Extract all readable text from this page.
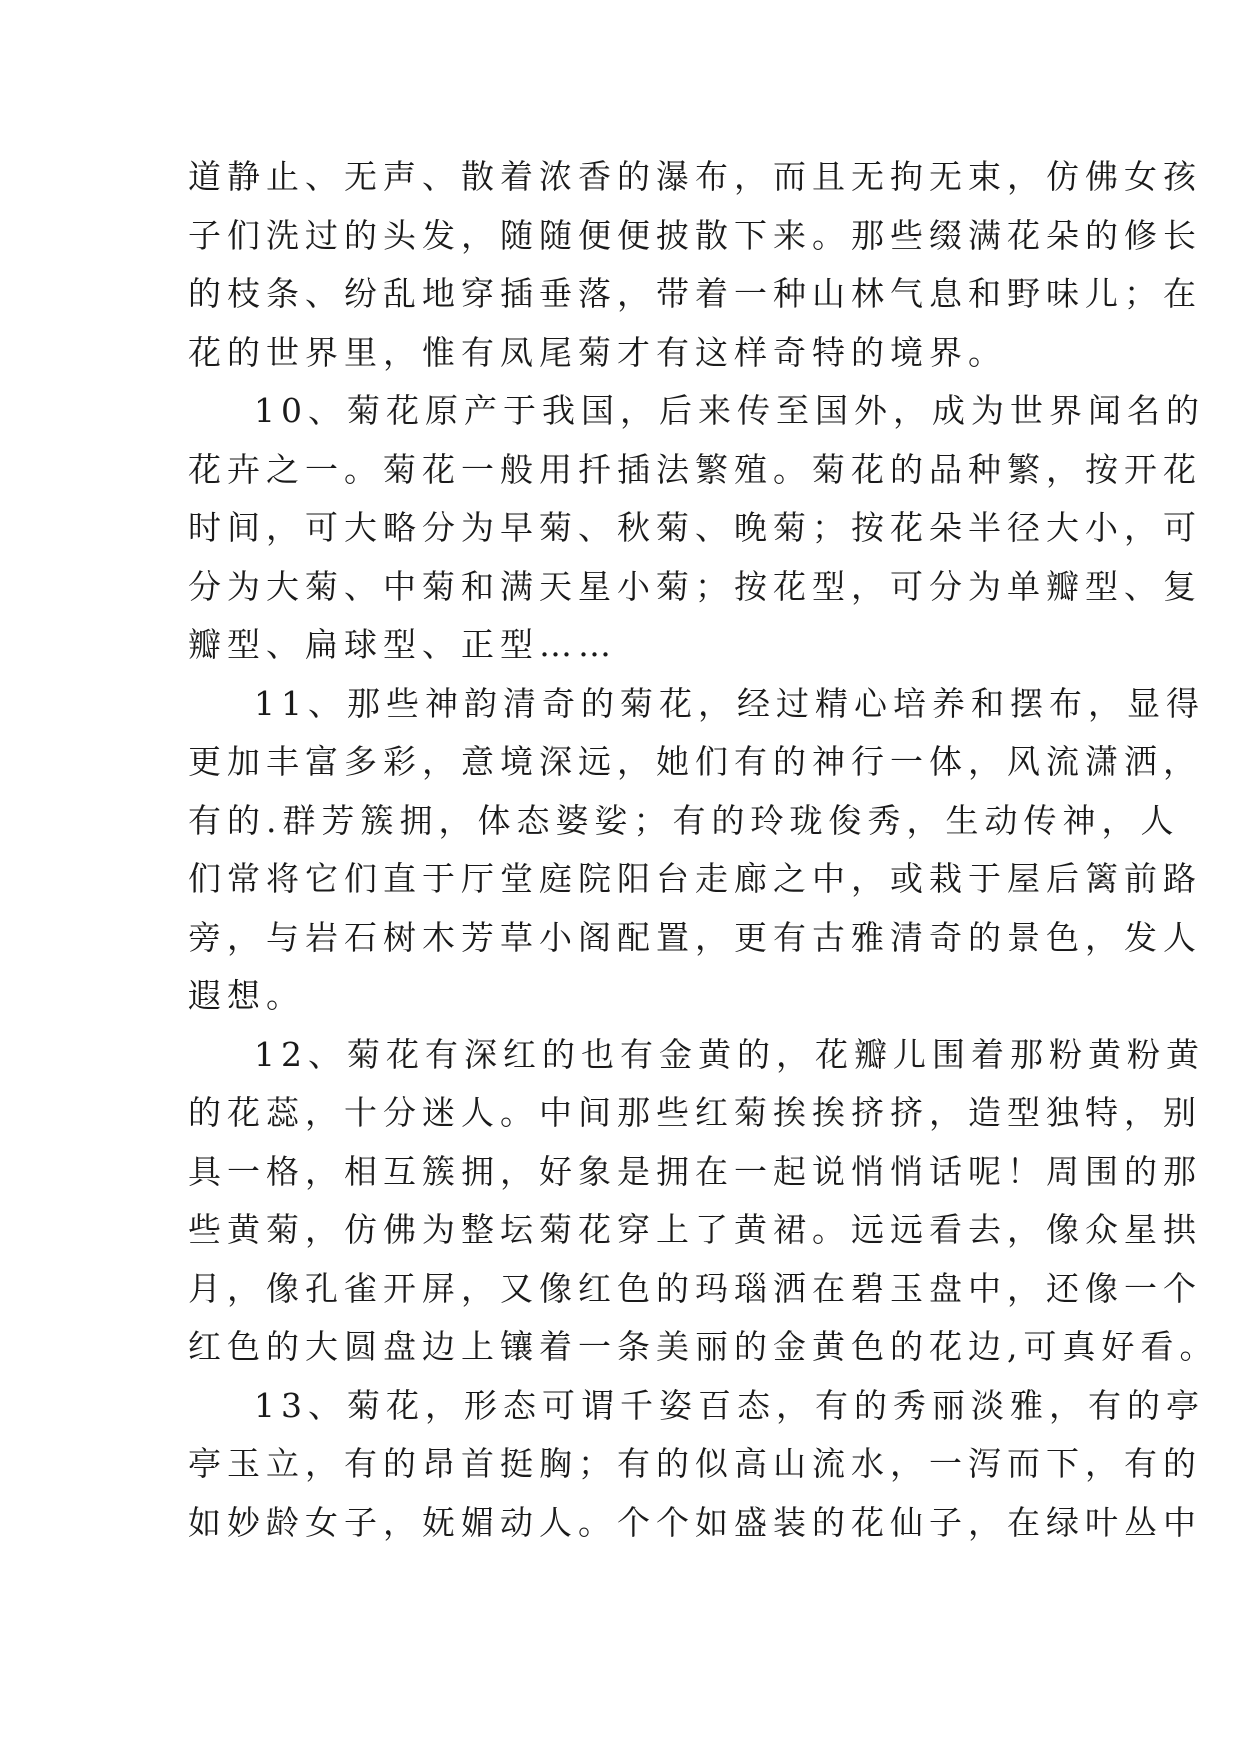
道静止、无声、散着浓香的瀑布，而且无拘无束，仿佛女孩
子们洗过的头发，随随便便披散下来。那些缀满花朵的修长
的枝条、纷乱地穿插垂落，带着一种山林气息和野味儿；在
花的世界里，惟有凤尾菊才有这样奇特的境界。
10、菊花原产于我国，后来传至国外，成为世界闻名的
花卉之一。菊花一般用扦插法繁殖。菊花的品种繁，按开花
时间，可大略分为早菊、秋菊、晚菊；按花朵半径大小，可
分为大菊、中菊和满天星小菊；按花型，可分为单瓣型、复
瓣型、扁球型、正型……
11、那些神韵清奇的菊花，经过精心培养和摆布，显得
更加丰富多彩，意境深远，她们有的神行一体，风流潇洒，
有的.群芳簇拥，体态婆娑；有的玲珑俊秀，生动传神，人
们常将它们直于厅堂庭院阳台走廊之中，或栽于屋后篱前路
旁，与岩石树木芳草小阁配置，更有古雅清奇的景色，发人
遐想。
12、菊花有深红的也有金黄的，花瓣儿围着那粉黄粉黄
的花蕊，十分迷人。中间那些红菊挨挨挤挤，造型独特，别
具一格，相互簇拥，好象是拥在一起说悄悄话呢！周围的那
些黄菊，仿佛为整坛菊花穿上了黄裙。远远看去，像众星拱
月，像孔雀开屏，又像红色的玛瑙洒在碧玉盘中，还像一个
红色的大圆盘边上镶着一条美丽的金黄色的花边,可真好看。
13、菊花，形态可谓千姿百态，有的秀丽淡雅，有的亭
亭玉立，有的昂首挺胸；有的似高山流水，一泻而下，有的
如妙龄女子，妩媚动人。个个如盛装的花仙子，在绿叶丛中
